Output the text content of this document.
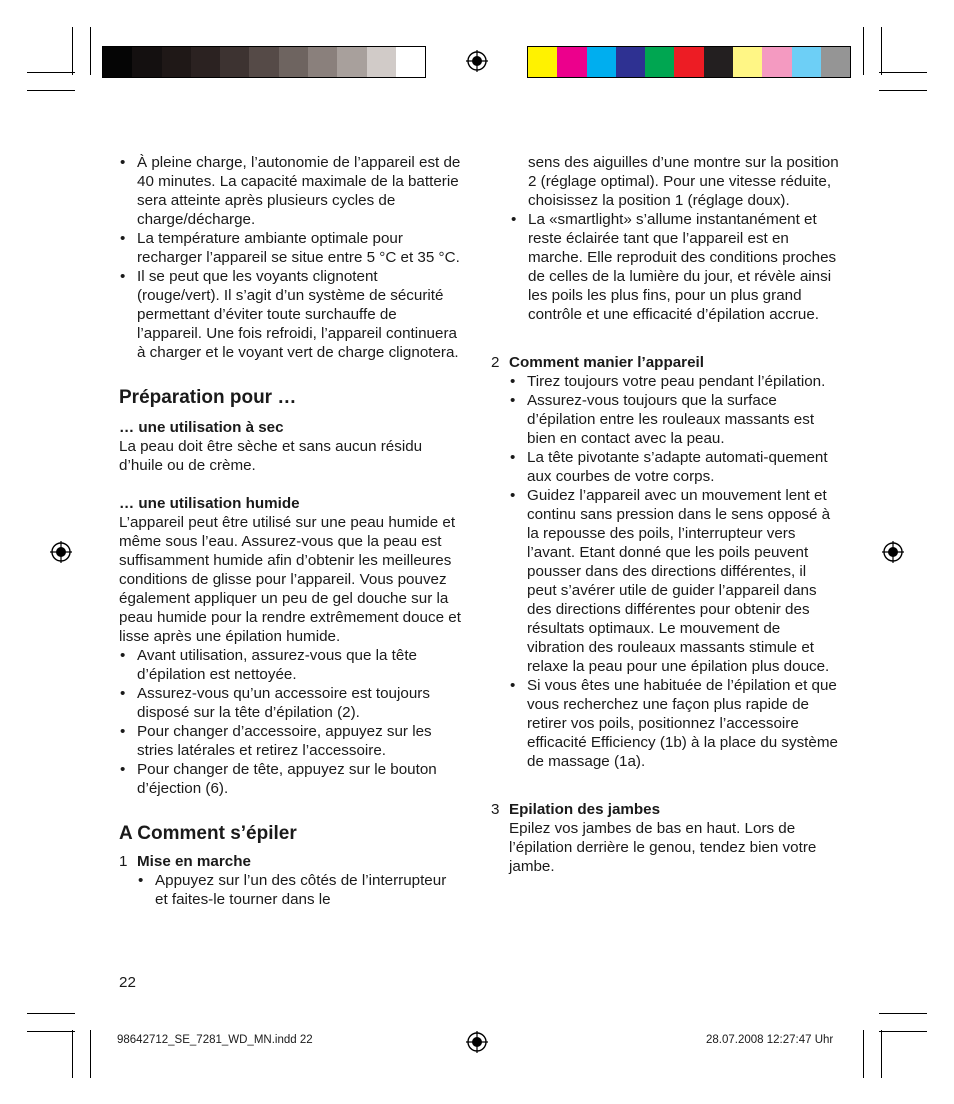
• À pleine charge, l’autonomie de l’appareil est de 40 minutes. La capacité maximale de la batterie sera atteinte après plusieurs cycles de charge/décharge.

• La température ambiante optimale pour recharger l’appareil se situe entre 5 °C et 35 °C.

• Il se peut que les voyants clignotent (rouge/vert). Il s’agit d’un système de sécurité permettant d’éviter toute surchauffe de l’appareil. Une fois refroidi, l’appareil continuera à charger et le voyant vert de charge clignotera.

Préparation pour …

… une utilisation à sec

La peau doit être sèche et sans aucun résidu d’huile ou de crème.

… une utilisation humide

L’appareil peut être utilisé sur une peau humide et même sous l’eau. Assurez-vous que la peau est suffisamment humide afin d’obtenir les meilleures conditions de glisse pour l’appareil. Vous pouvez également appliquer un peu de gel douche sur la peau humide pour la rendre extrêmement douce et lisse après une épilation humide.

• Avant utilisation, assurez-vous que la tête d’épilation est nettoyée.

• Assurez-vous qu’un accessoire est toujours disposé sur la tête d’épilation (2).

• Pour changer d’accessoire, appuyez sur les stries latérales et retirez l’accessoire.

• Pour changer de tête, appuyez sur le bouton d’éjection (6).

A Comment s’épiler

1 Mise en marche

• Appuyez sur l’un des côtés de l’interrupteur et faites-le tourner dans le

22

sens des aiguilles d’une montre sur la position 2 (réglage optimal). Pour une vitesse réduite, choisissez la position 1 (réglage doux).

• La «smartlight» s’allume instantanément et reste éclairée tant que l’appareil est en marche. Elle reproduit des conditions proches de celles de la lumière du jour, et révèle ainsi les poils les plus fins, pour un plus grand contrôle et une efficacité d’épilation accrue.

2 Comment manier l’appareil

• Tirez toujours votre peau pendant l’épilation.

• Assurez-vous toujours que la surface d’épilation entre les rouleaux massants est bien en contact avec la peau.

• La tête pivotante s’adapte automati-quement aux courbes de votre corps.

• Guidez l’appareil avec un mouvement lent et continu sans pression dans le sens opposé à la repousse des poils, l’interrupteur vers l’avant. Etant donné que les poils peuvent pousser dans des directions différentes, il peut s’avérer utile de guider l’appareil dans des directions différentes pour obtenir des résultats optimaux. Le mouvement de vibration des rouleaux massants stimule et relaxe la peau pour une épilation plus douce.

• Si vous êtes une habituée de l’épilation et que vous recherchez une façon plus rapide de retirer vos poils, positionnez l’accessoire efficacité Efficiency (1b) à la place du système de massage (1a).

3 Epilation des jambes

Epilez vos jambes de bas en haut. Lors de l’épilation derrière le genou, tendez bien votre jambe.

98642712_SE_7281_WD_MN.indd 22	28.07.2008 12:27:47 Uhr
